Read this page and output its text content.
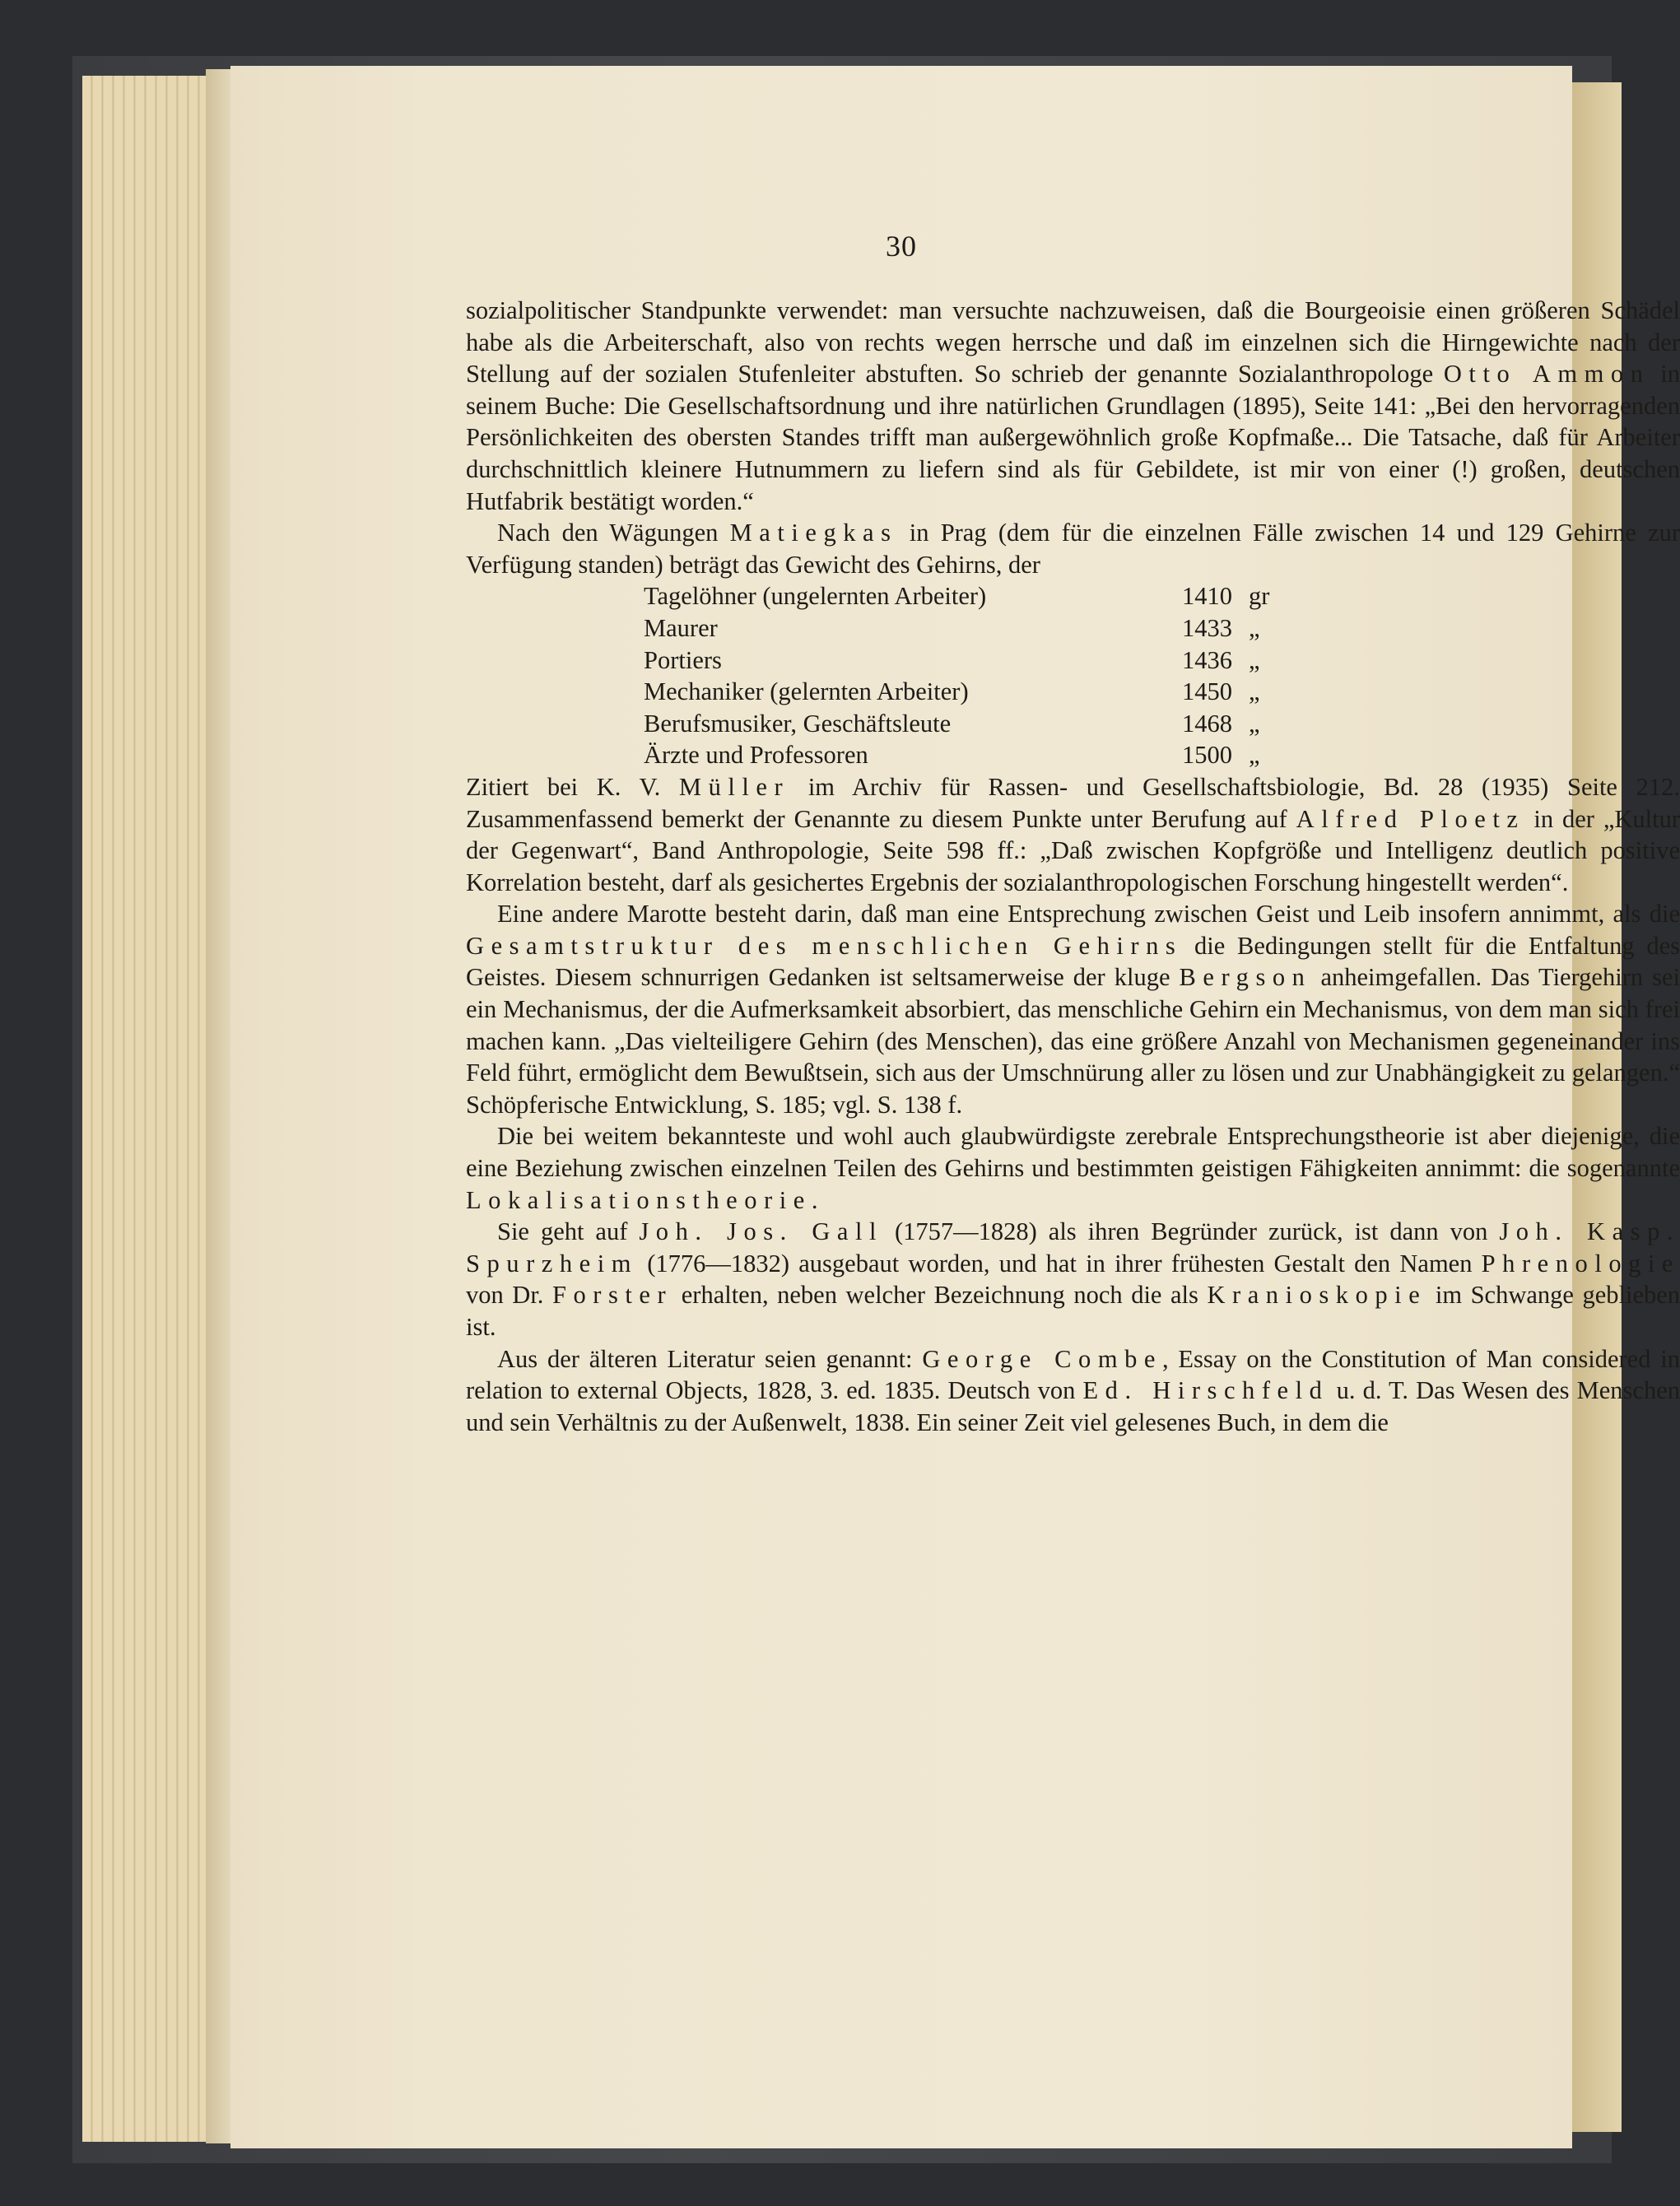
30

sozialpolitischer Standpunkte verwendet: man versuchte nachzuweisen, daß die Bourgeoisie einen größeren Schädel habe als die Arbeiterschaft, also von rechts wegen herrsche und daß im einzelnen sich die Hirngewichte nach der Stellung auf der sozialen Stufenleiter abstuften. So schrieb der genannte Sozialanthropologe Otto Ammon in seinem Buche: Die Gesellschaftsordnung und ihre natürlichen Grundlagen (1895), Seite 141: „Bei den hervorragenden Persönlichkeiten des obersten Standes trifft man außergewöhnlich große Kopfmaße... Die Tatsache, daß für Arbeiter durchschnittlich kleinere Hutnummern zu liefern sind als für Gebildete, ist mir von einer (!) großen, deutschen Hutfabrik bestätigt worden.“

Nach den Wägungen Matiegkas in Prag (dem für die einzelnen Fälle zwischen 14 und 129 Gehirne zur Verfügung standen) beträgt das Gewicht des Gehirns, der

Tagelöhner (ungelernten Arbeiter)	1410 gr
Maurer	1433 „
Portiers	1436 „
Mechaniker (gelernten Arbeiter)	1450 „
Berufsmusiker, Geschäftsleute	1468 „
Ärzte und Professoren	1500 „

Zitiert bei K. V. Müller im Archiv für Rassen- und Gesellschaftsbiologie, Bd. 28 (1935) Seite 212. Zusammenfassend bemerkt der Genannte zu diesem Punkte unter Berufung auf Alfred Ploetz in der „Kultur der Gegenwart“, Band Anthropologie, Seite 598 ff.: „Daß zwischen Kopfgröße und Intelligenz deutlich positive Korrelation besteht, darf als gesichertes Ergebnis der sozialanthropologischen Forschung hingestellt werden“.

Eine andere Marotte besteht darin, daß man eine Entsprechung zwischen Geist und Leib insofern annimmt, als die Gesamtstruktur des menschlichen Gehirns die Bedingungen stellt für die Entfaltung des Geistes. Diesem schnurrigen Gedanken ist seltsamerweise der kluge Bergson anheimgefallen. Das Tiergehirn sei ein Mechanismus, der die Aufmerksamkeit absorbiert, das menschliche Gehirn ein Mechanismus, von dem man sich frei machen kann. „Das vielteiligere Gehirn (des Menschen), das eine größere Anzahl von Mechanismen gegeneinander ins Feld führt, ermöglicht dem Bewußtsein, sich aus der Umschnürung aller zu lösen und zur Unabhängigkeit zu gelangen.“ Schöpferische Entwicklung, S. 185; vgl. S. 138 f.

Die bei weitem bekannteste und wohl auch glaubwürdigste zerebrale Entsprechungstheorie ist aber diejenige, die eine Beziehung zwischen einzelnen Teilen des Gehirns und bestimmten geistigen Fähigkeiten annimmt: die sogenannte Lokalisationstheorie.

Sie geht auf Joh. Jos. Gall (1757—1828) als ihren Begründer zurück, ist dann von Joh. Kasp. Spurzheim (1776—1832) ausgebaut worden, und hat in ihrer frühesten Gestalt den Namen Phrenologie von Dr. Forster erhalten, neben welcher Bezeichnung noch die als Kranioskopie im Schwange geblieben ist.

Aus der älteren Literatur seien genannt: George Combe, Essay on the Constitution of Man considered in relation to external Objects, 1828, 3. ed. 1835. Deutsch von Ed. Hirschfeld u. d. T. Das Wesen des Menschen und sein Verhältnis zu der Außenwelt, 1838. Ein seiner Zeit viel gelesenes Buch, in dem die
